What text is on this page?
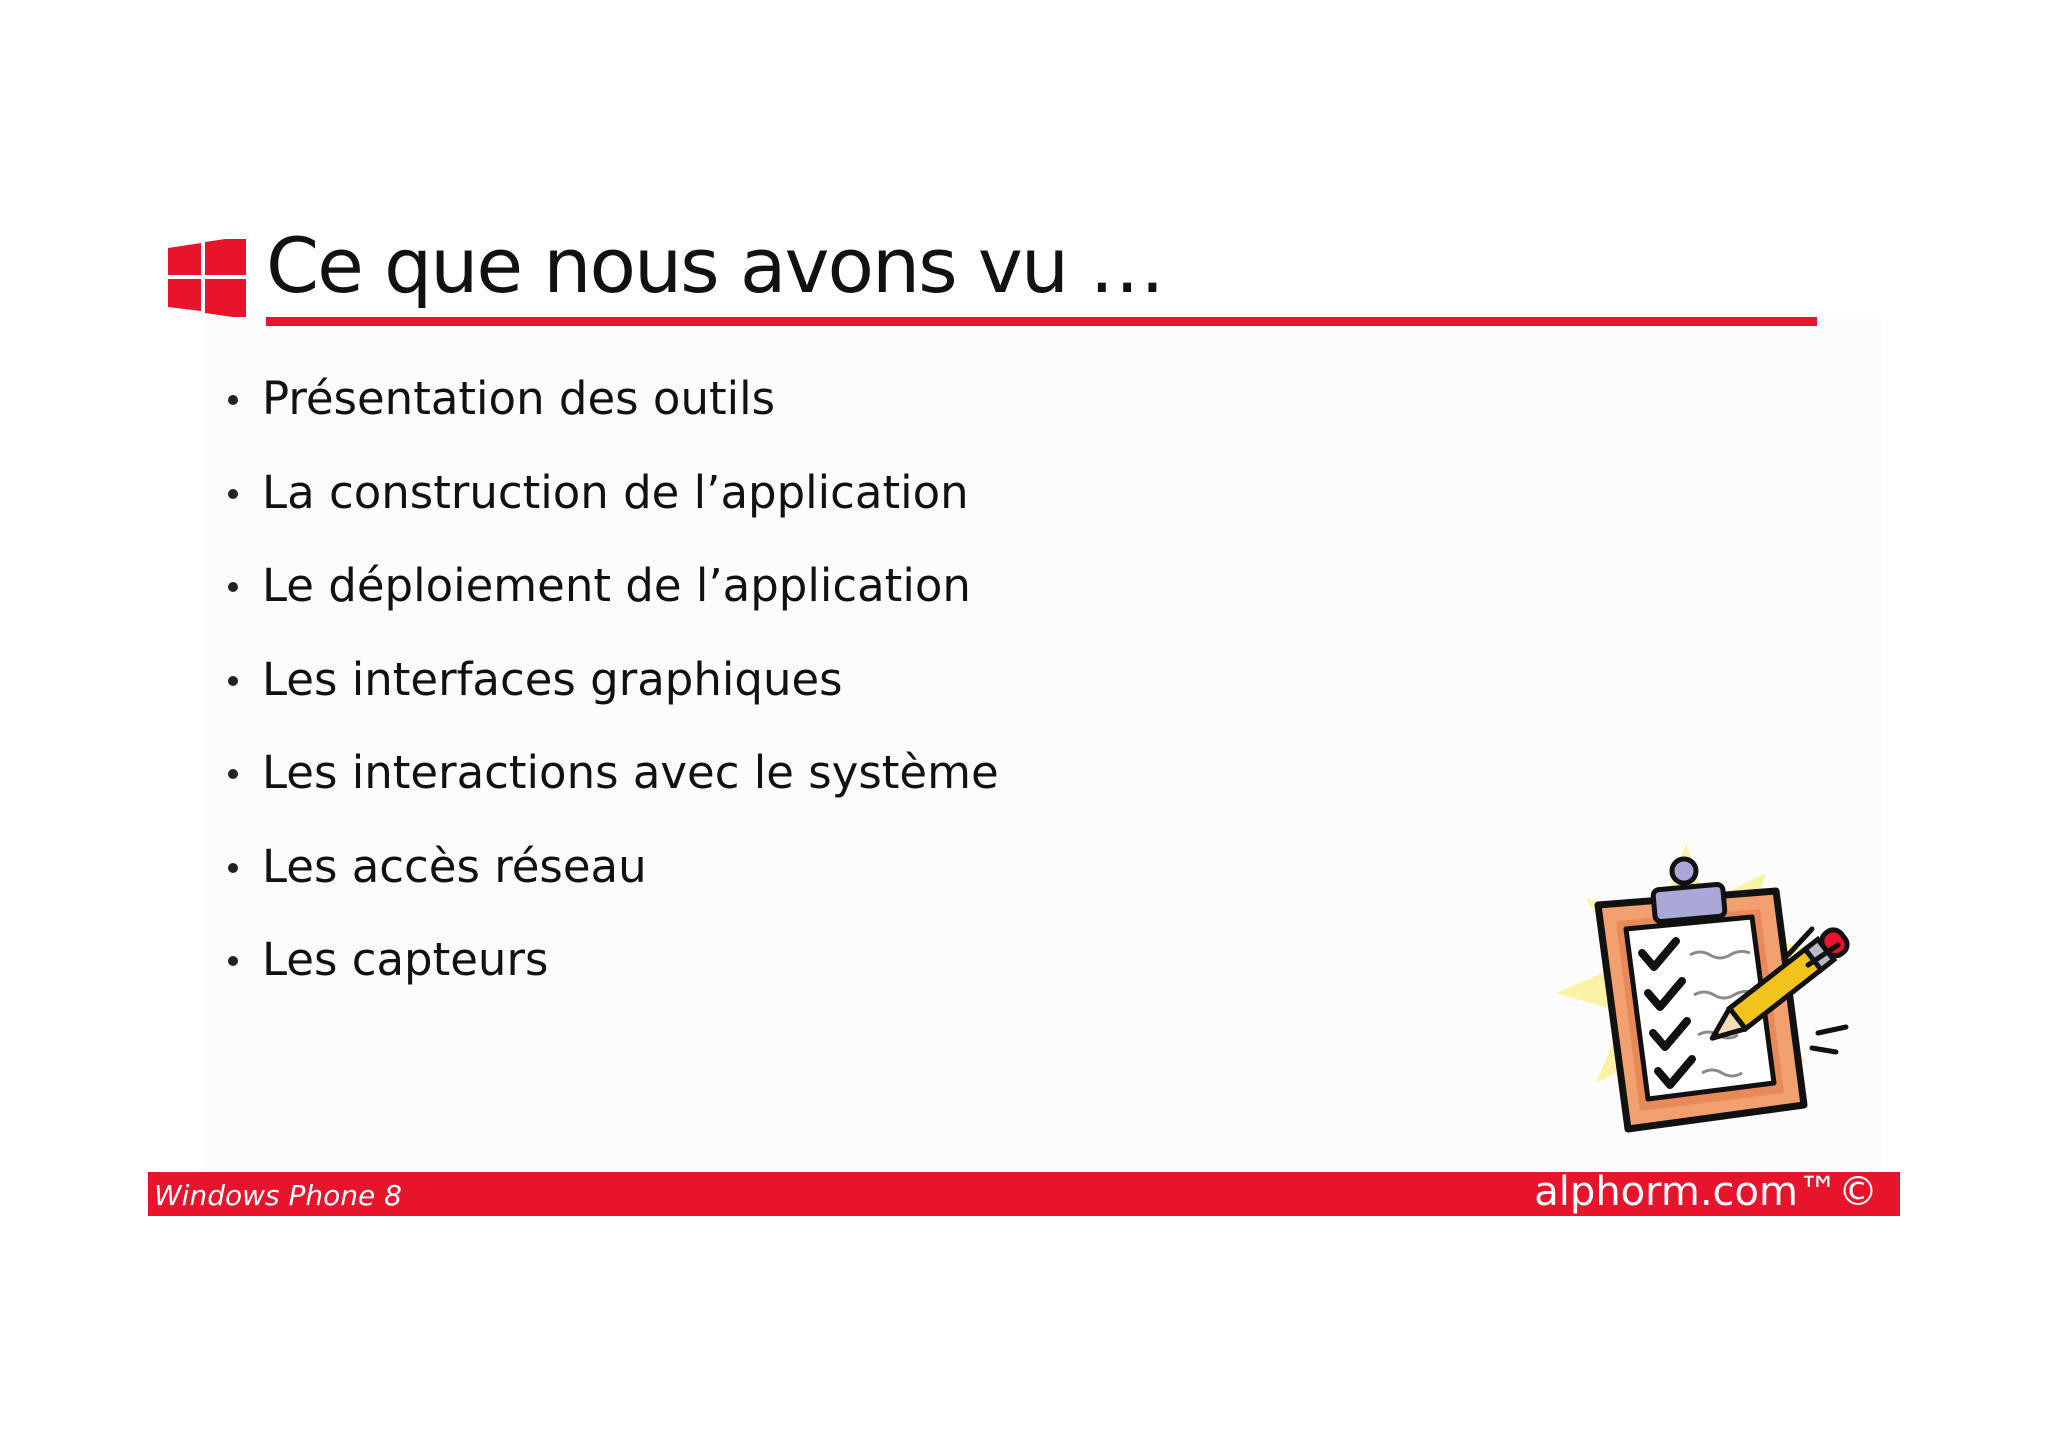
Ce que nous avons vu …
Présentation des outils
La construction de l’application
Le déploiement de l’application
Les interfaces graphiques
Les interactions avec le système
Les accès réseau
Les capteurs
Windows Phone 8	alphorm.com™©
